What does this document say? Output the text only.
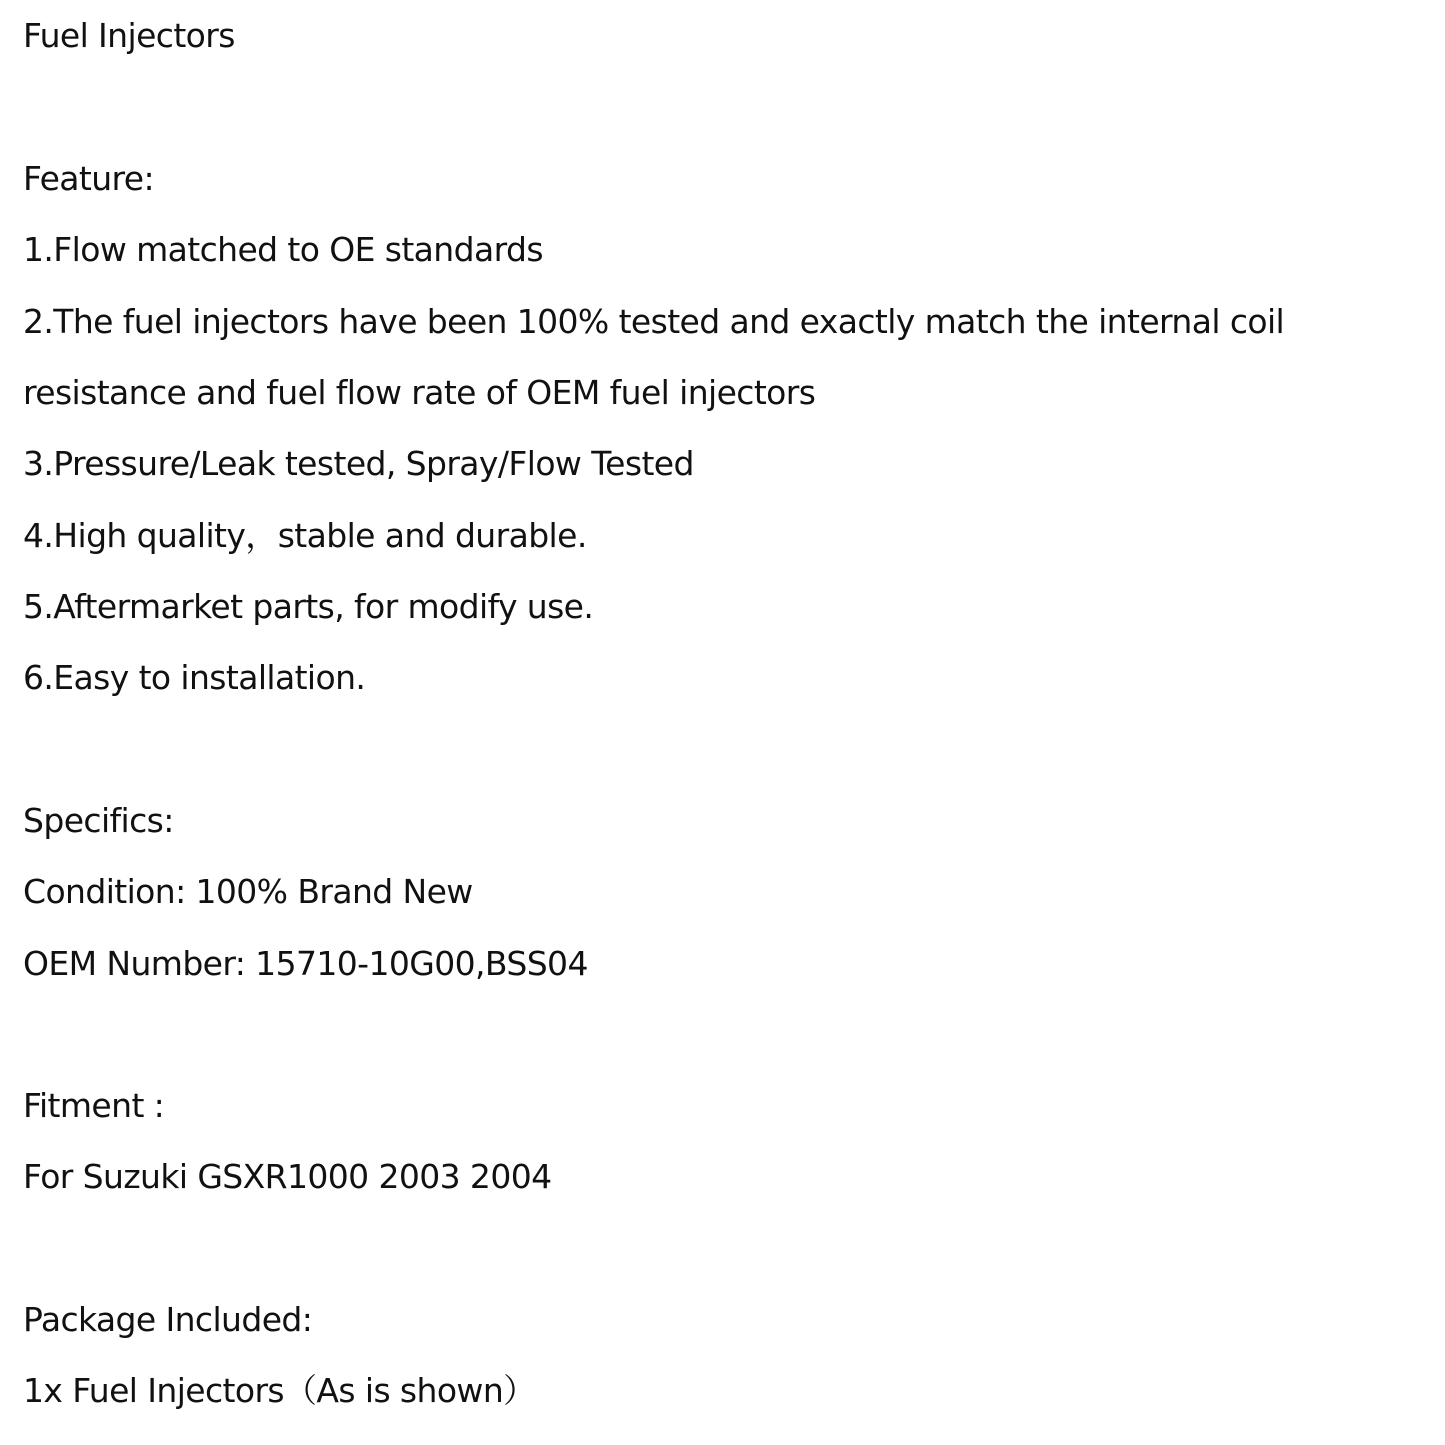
Fuel Injectors
Feature:
1.Flow matched to OE standards
2.The fuel injectors have been 100% tested and exactly match the internal coil
resistance and fuel flow rate of OEM fuel injectors
3.Pressure/Leak tested, Spray/Flow Tested
4.High quality，stable and durable.
5.Aftermarket parts, for modify use.
6.Easy to installation.
Specifics:
Condition: 100% Brand New
OEM Number: 15710-10G00,BSS04
Fitment :
For Suzuki GSXR1000 2003 2004
Package Included:
1x Fuel Injectors（As is shown）
